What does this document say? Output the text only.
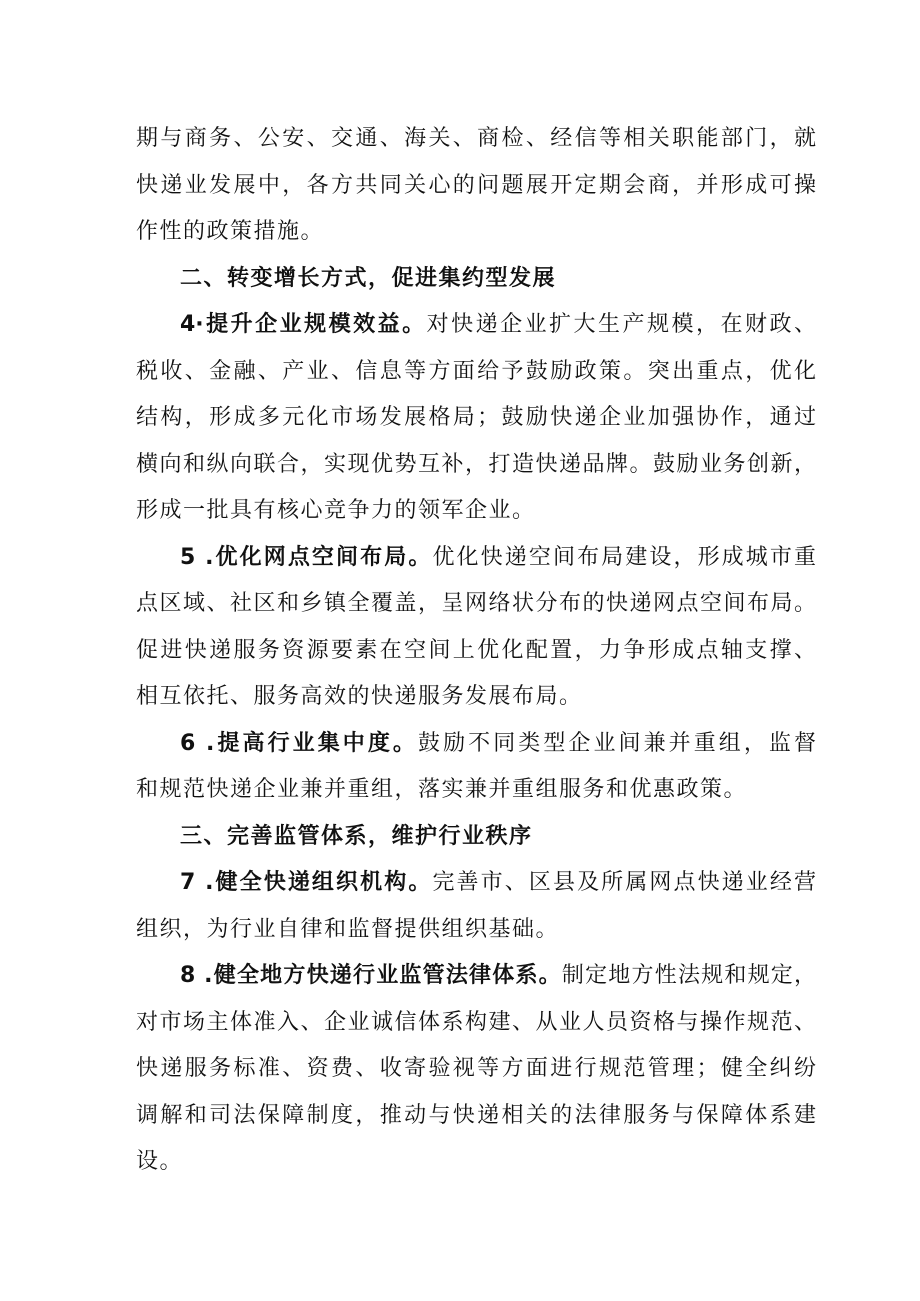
期与商务、公安、交通、海关、商检、经信等相关职能部门，就
快递业发展中，各方共同关心的问题展开定期会商，并形成可操
作性的政策措施。
二、转变增长方式，促进集约型发展
4·提升企业规模效益。对快递企业扩大生产规模，在财政、
税收、金融、产业、信息等方面给予鼓励政策。突出重点，优化
结构，形成多元化市场发展格局；鼓励快递企业加强协作，通过
横向和纵向联合，实现优势互补，打造快递品牌。鼓励业务创新，
形成一批具有核心竞争力的领军企业。
5 .优化网点空间布局。优化快递空间布局建设，形成城市重
点区域、社区和乡镇全覆盖，呈网络状分布的快递网点空间布局。
促进快递服务资源要素在空间上优化配置，力争形成点轴支撑、
相互依托、服务高效的快递服务发展布局。
6 .提高行业集中度。鼓励不同类型企业间兼并重组，监督
和规范快递企业兼并重组，落实兼并重组服务和优惠政策。
三、完善监管体系，维护行业秩序
7 .健全快递组织机构。完善市、区县及所属网点快递业经营
组织，为行业自律和监督提供组织基础。
8 .健全地方快递行业监管法律体系。制定地方性法规和规定，
对市场主体准入、企业诚信体系构建、从业人员资格与操作规范、
快递服务标准、资费、收寄验视等方面进行规范管理；健全纠纷
调解和司法保障制度，推动与快递相关的法律服务与保障体系建
设。
